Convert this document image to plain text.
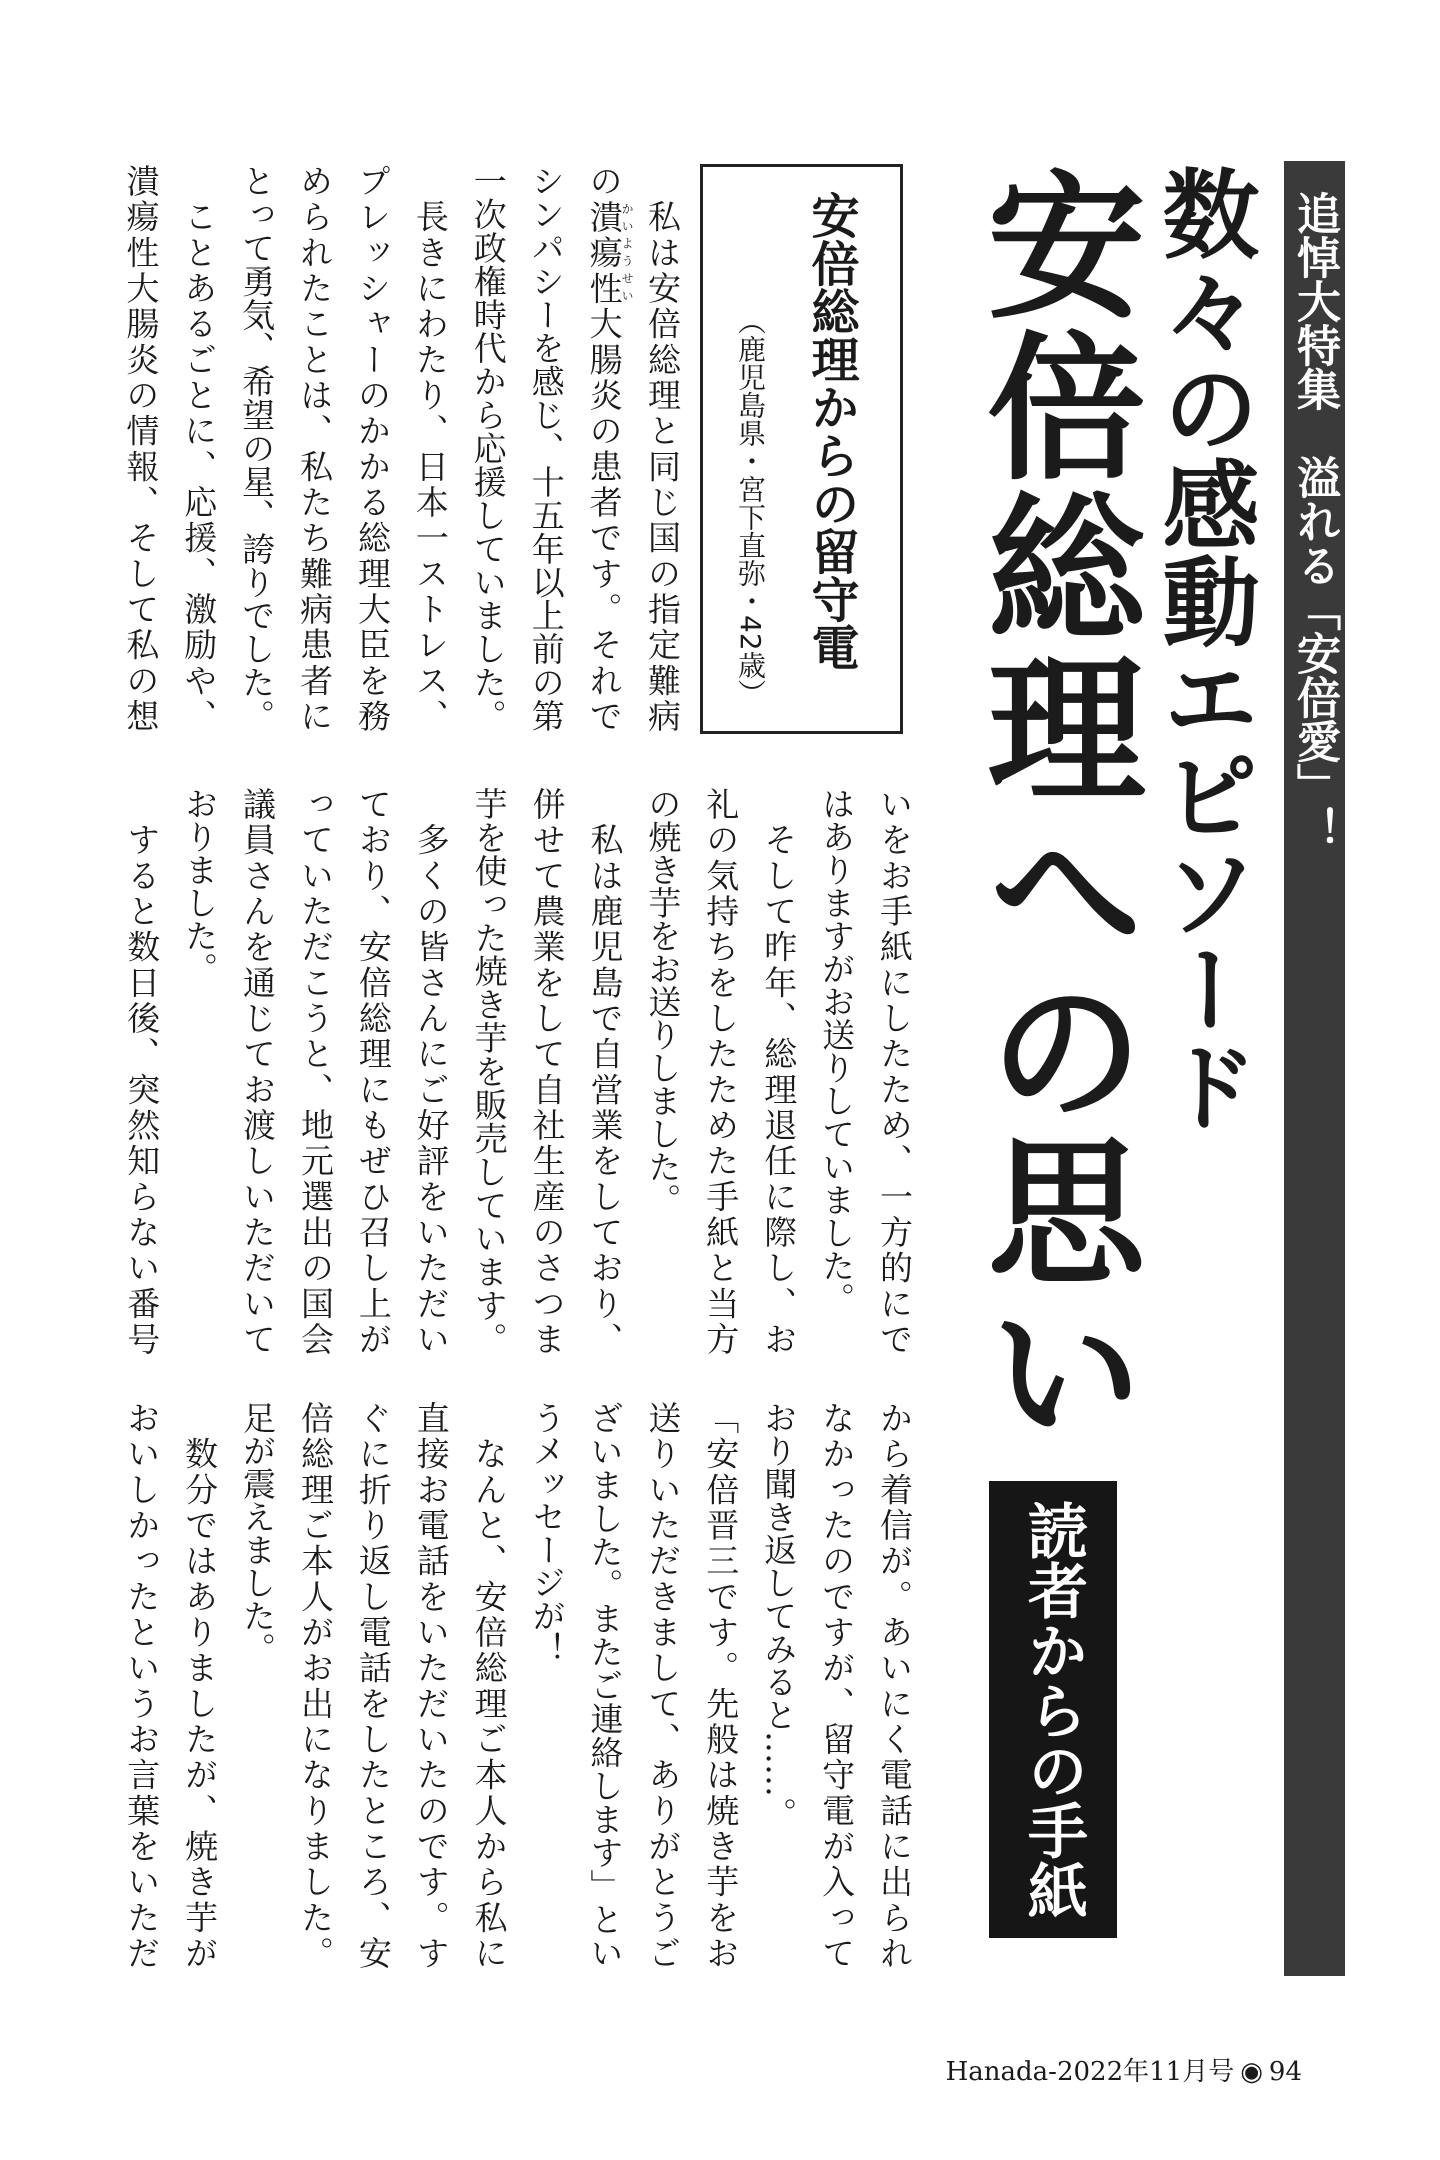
追悼大特集　溢れる「安倍愛」！
数々の感動エピソード
安倍総理への思い
読者からの手紙
安倍総理からの留守電
（鹿児島県・宮下直弥・42歳）
　私は安倍総理と同じ国の指定難病
の潰瘍性かいようせい大腸炎の患者です。それで
シンパシーを感じ、十五年以上前の第
一次政権時代から応援していました。
　長きにわたり、日本一ストレス、
プレッシャーのかかる総理大臣を務
められたことは、私たち難病患者に
とって勇気、希望の星、誇りでした。
　ことあるごとに、応援、激励や、
潰瘍性大腸炎の情報、そして私の想
いをお手紙にしたため、一方的にで
はありますがお送りしていました。
　そして昨年、総理退任に際し、お
礼の気持ちをしたためた手紙と当方
の焼き芋をお送りしました。
　私は鹿児島で自営業をしており、
併せて農業をして自社生産のさつま
芋を使った焼き芋を販売しています。
　多くの皆さんにご好評をいただい
ており、安倍総理にもぜひ召し上が
っていただこうと、地元選出の国会
議員さんを通じてお渡しいただいて
おりました。
　すると数日後、突然知らない番号
から着信が。あいにく電話に出られ
なかったのですが、留守電が入って
おり聞き返してみると……。
「安倍晋三です。先般は焼き芋をお
送りいただきまして、ありがとうご
ざいました。またご連絡します」とい
うメッセージが！
　なんと、安倍総理ご本人から私に
直接お電話をいただいたのです。す
ぐに折り返し電話をしたところ、安
倍総理ご本人がお出になりました。
足が震えました。
　数分ではありましたが、焼き芋が
おいしかったというお言葉をいただ
Hanada-2022年11月号 ◉ 94
